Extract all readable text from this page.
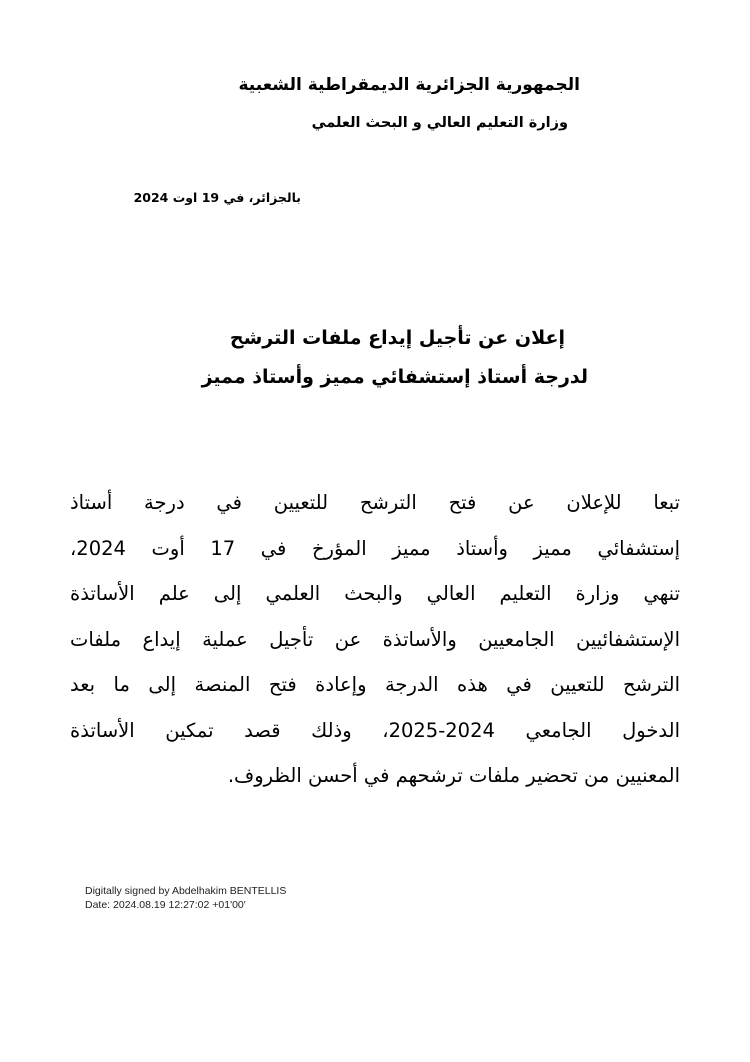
الجمهورية الجزائرية الديمقراطية الشعبية
وزارة التعليم العالي و البحث العلمي
بالجزائر، في 19 اوت 2024
إعلان عن تأجيل إيداع ملفات الترشح
لدرجة أستاذ إستشفائي مميز وأستاذ مميز
تبعا للإعلان عن فتح الترشح للتعيين في درجة أستاذ
إستشفائي مميز وأستاذ مميز المؤرخ في 17 أوت 2024،
تنهي وزارة التعليم العالي والبحث العلمي إلى علم الأساتذة
الإستشفائيين الجامعيين والأساتذة عن تأجيل عملية إيداع ملفات
الترشح للتعيين في هذه الدرجة وإعادة فتح المنصة إلى ما بعد
الدخول الجامعي 2024-2025، وذلك قصد تمكين الأساتذة
المعنيين من تحضير ملفات ترشحهم في أحسن الظروف.
Digitally signed by Abdelhakim BENTELLIS
Date: 2024.08.19 12:27:02 +01'00'
